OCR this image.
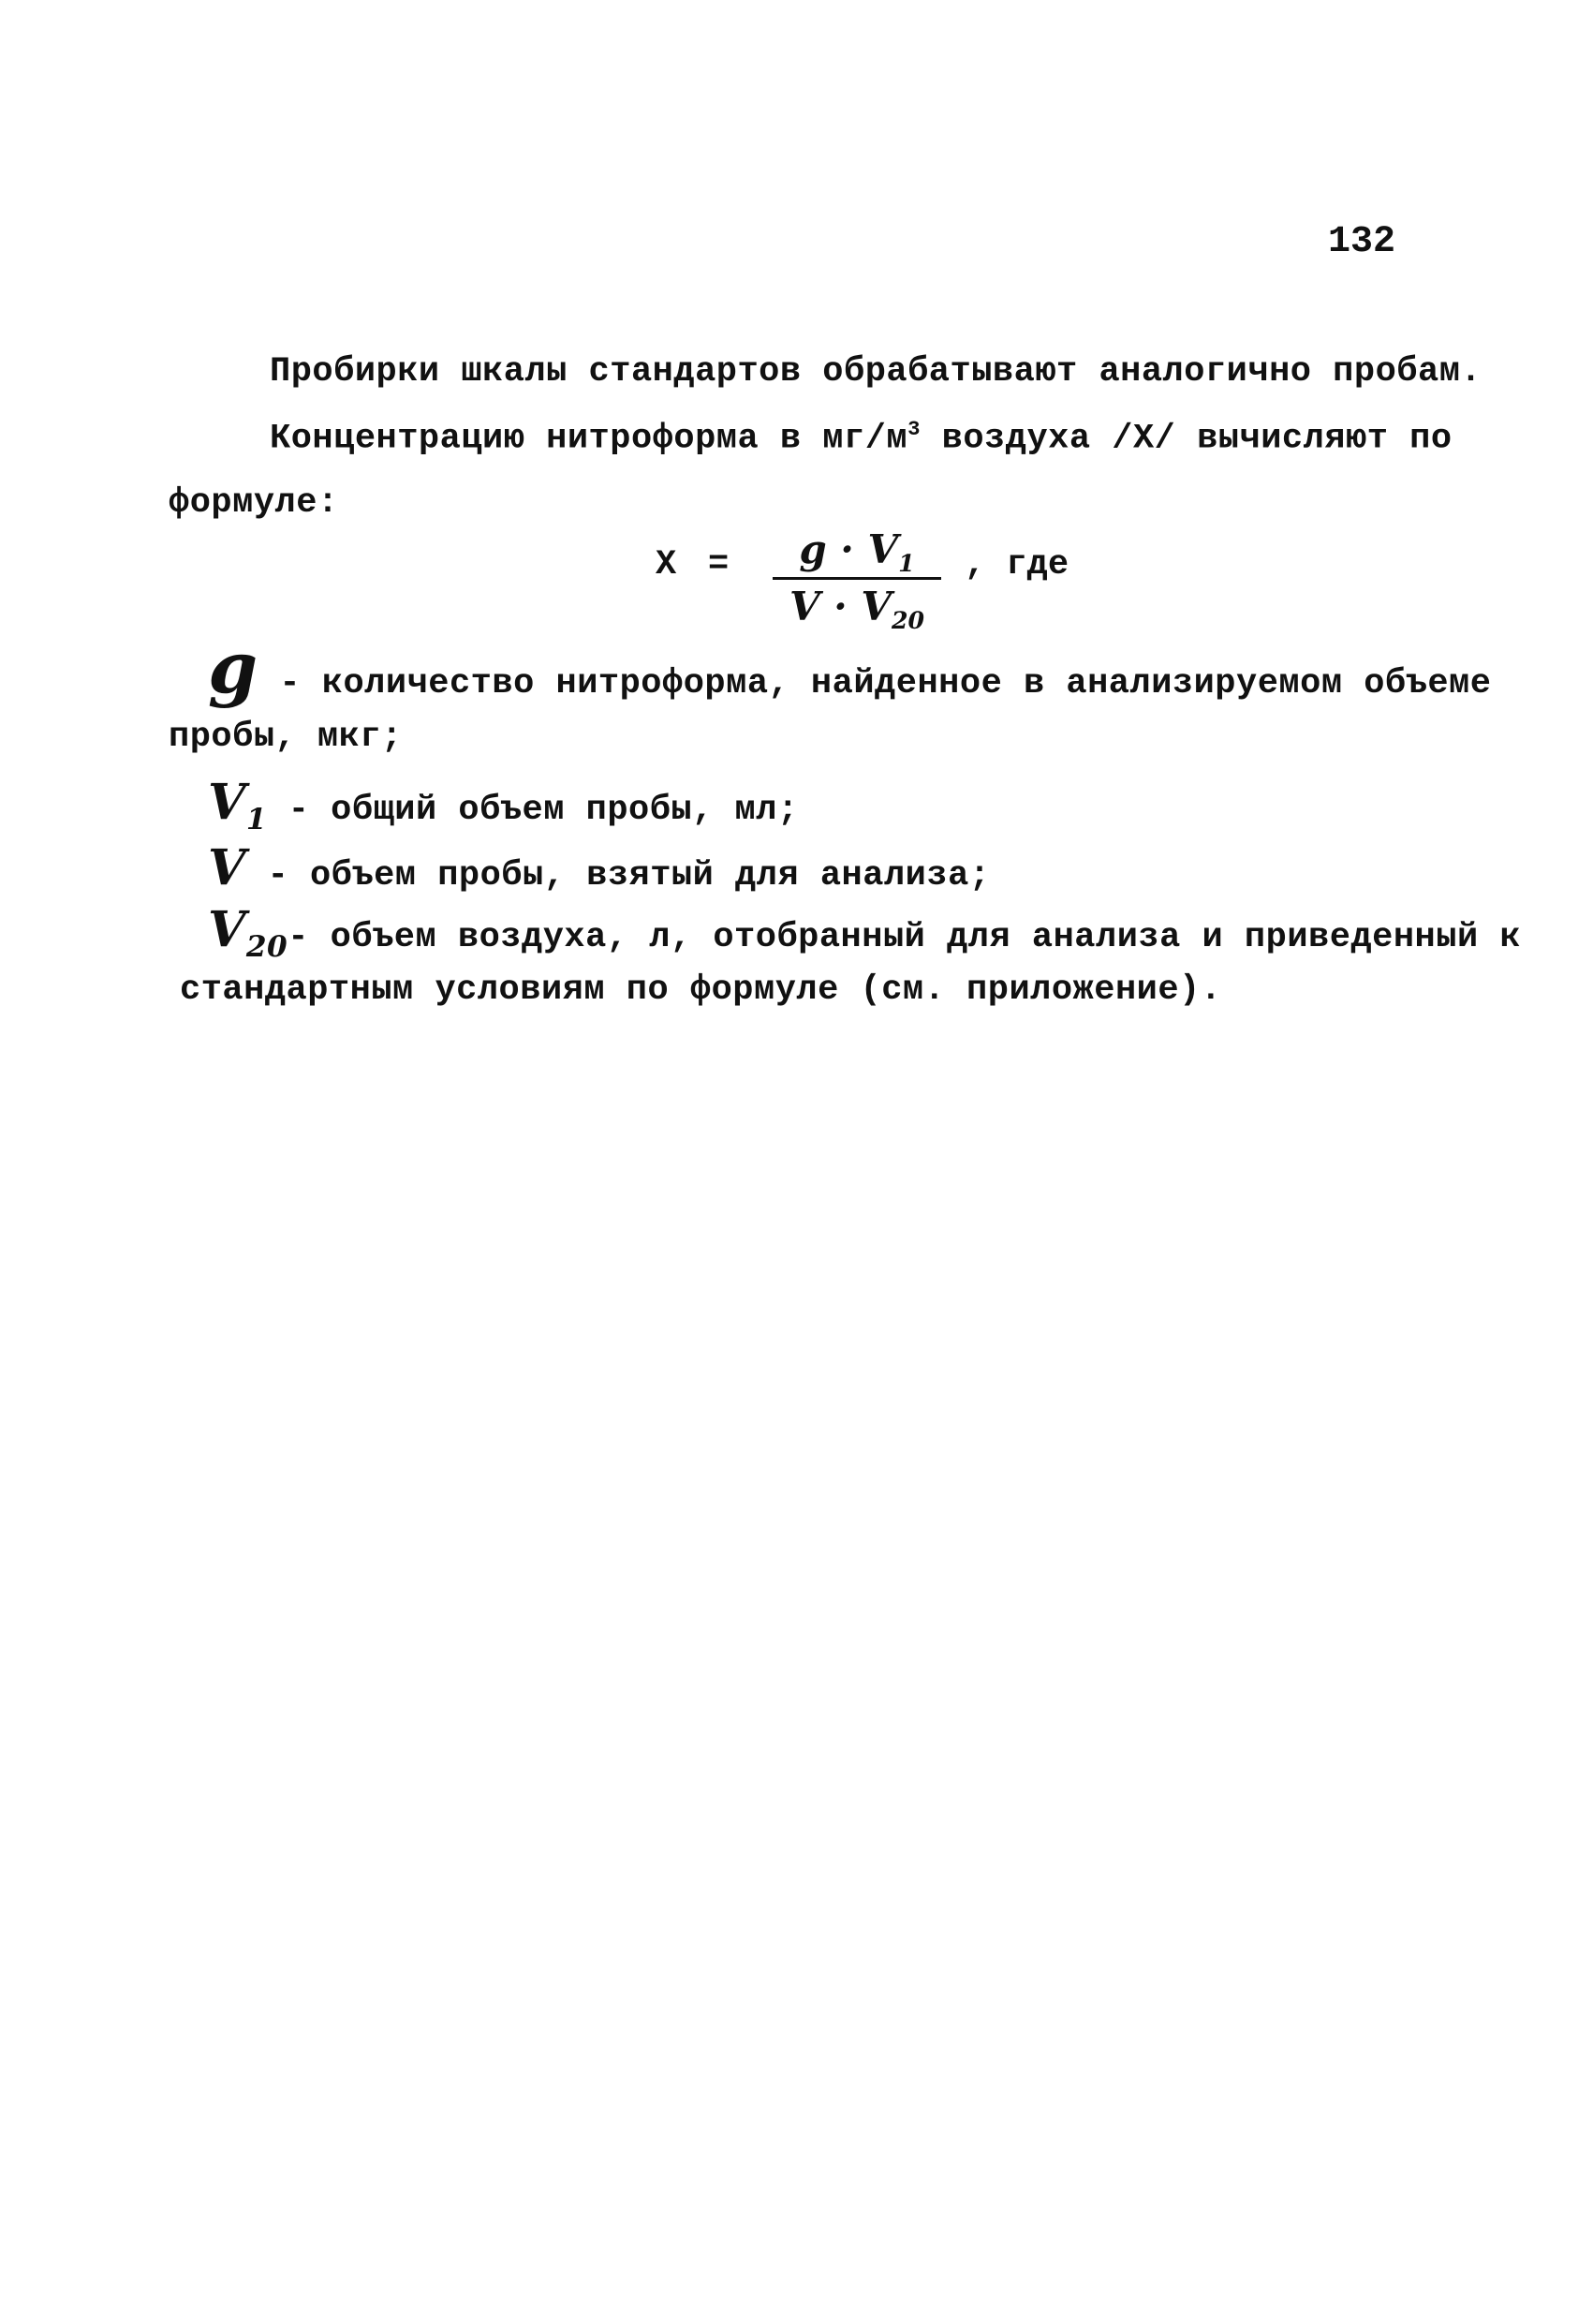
132
Пробирки шкалы стандартов обрабатывают аналогично пробам.
Концентрацию нитроформа в $мг/м^3$ воздуха /Х/ вычисляют по
формуле:
Х =	$g \cdot V_1$
$V \cdot V_{20}$
, где
g - количество нитроформа, найденное в анализируемом объеме
пробы, мкг;
$V_1$ - общий объем пробы, мл;
V - объем пробы, взятый для анализа;
$V_{20}-$ объем воздуха, л, отобранный для анализа и приведенный к
стандартным условиям по формуле (см. приложение).
